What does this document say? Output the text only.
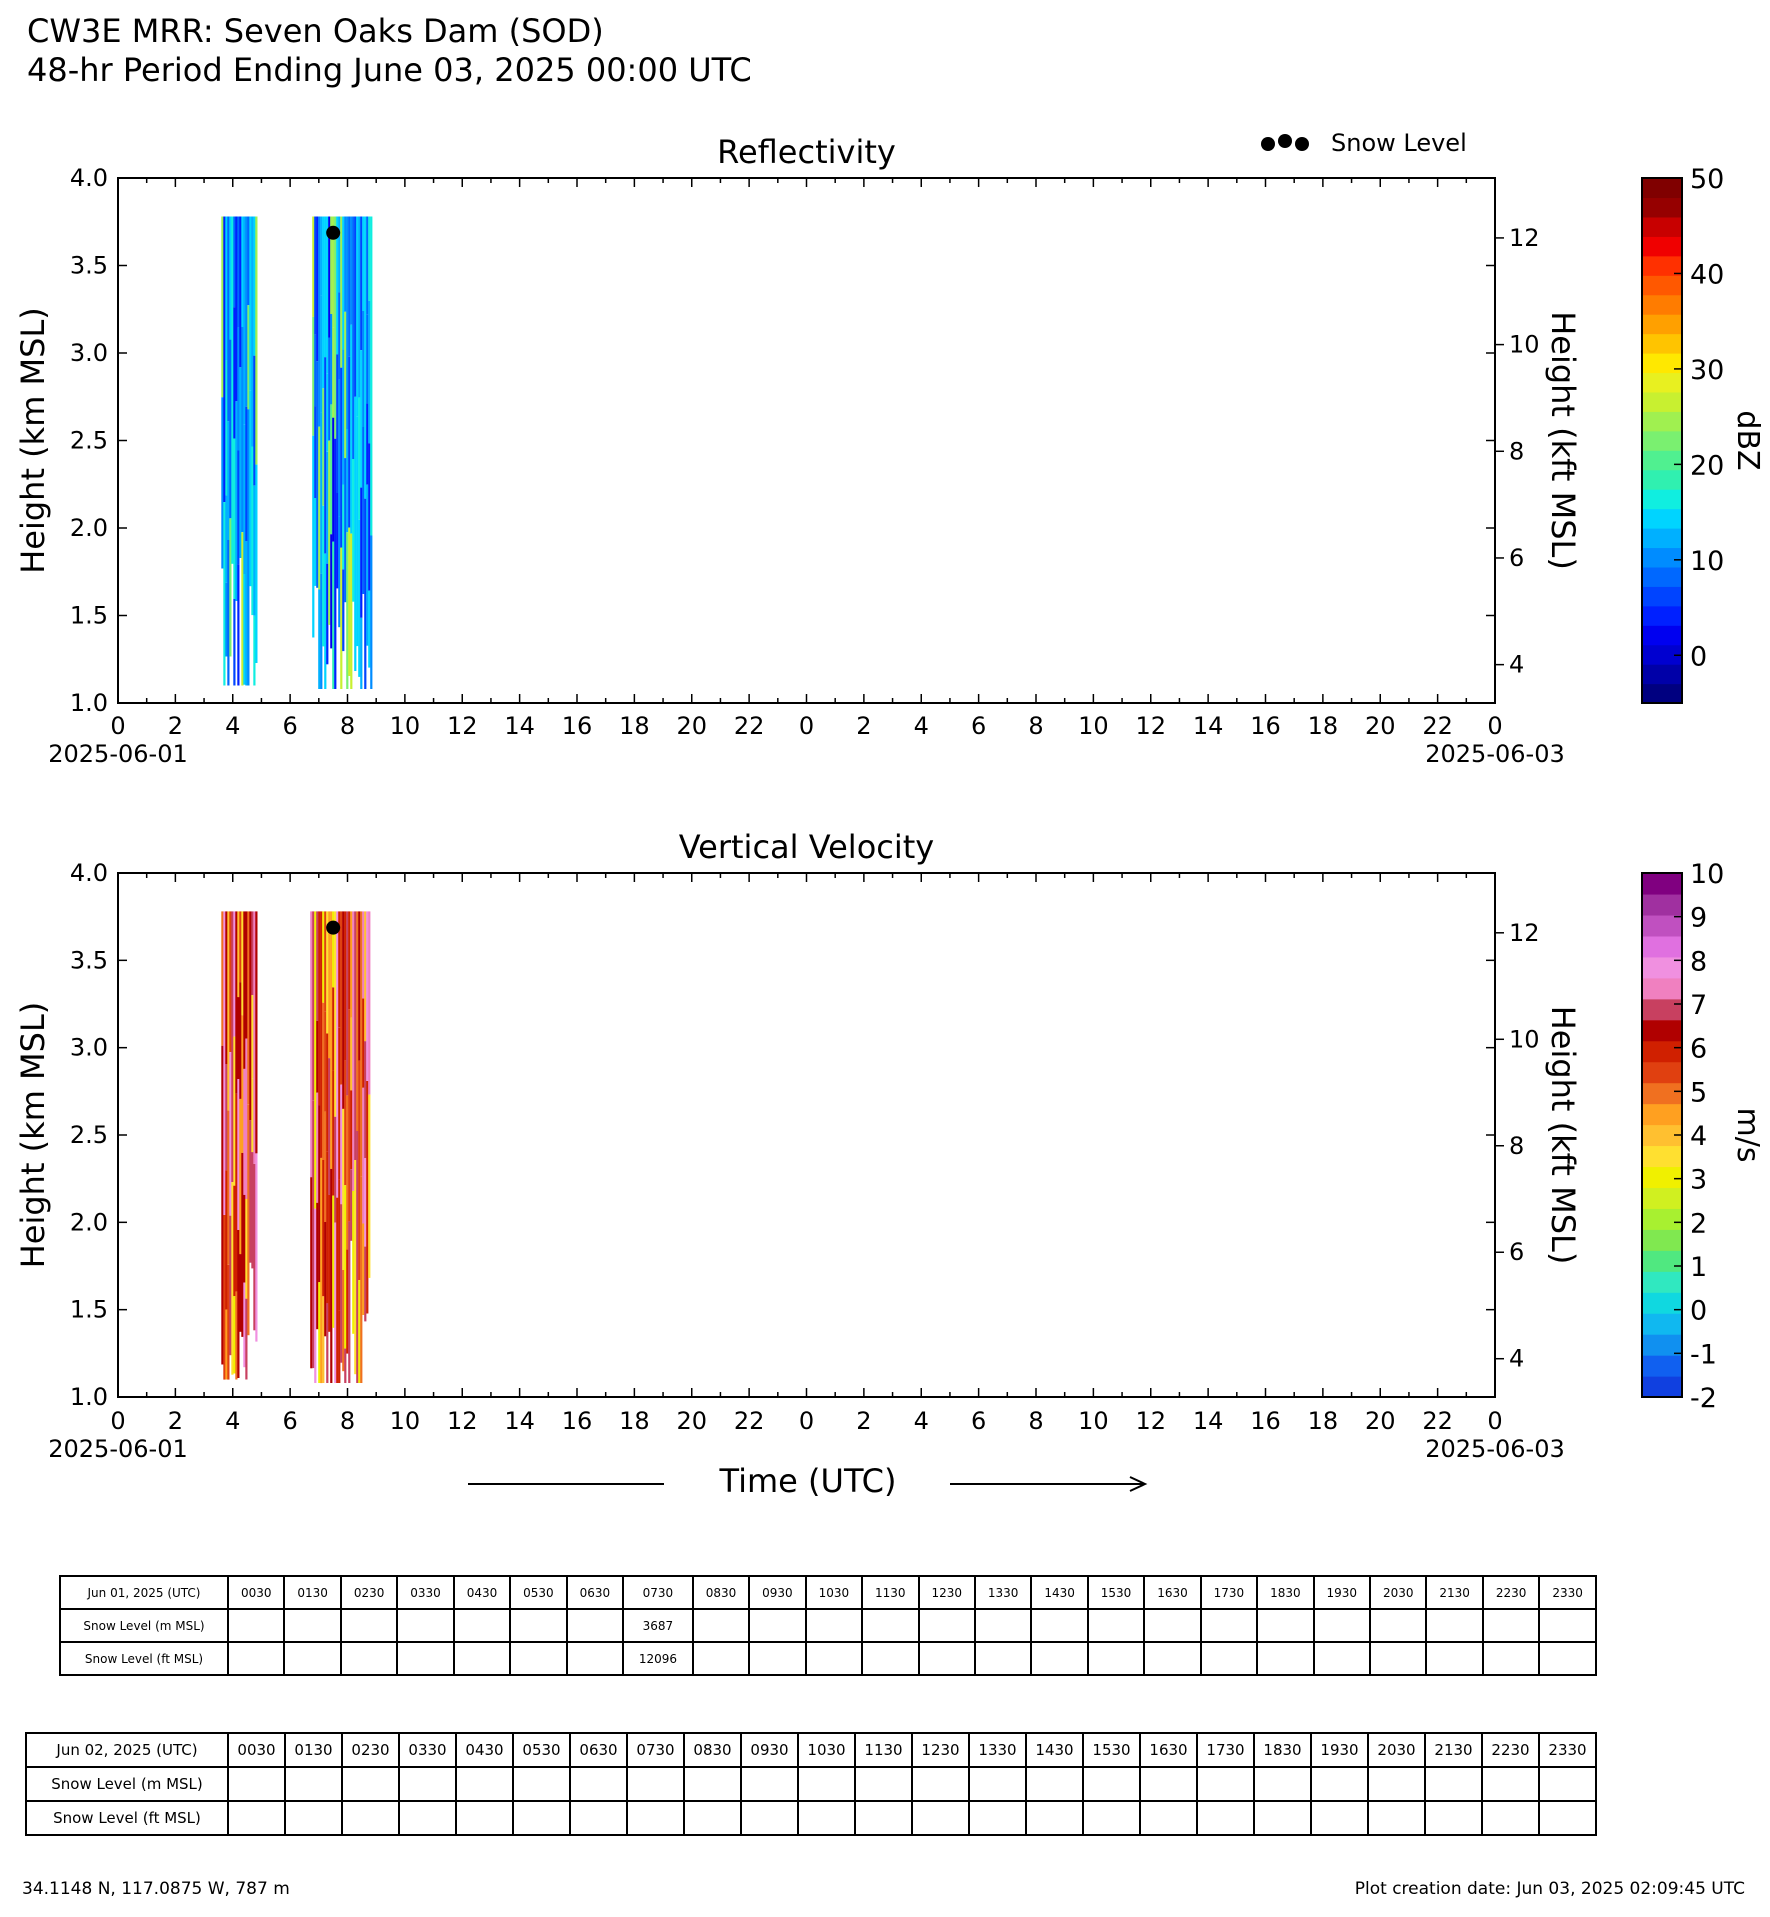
CW3E MRR: Seven Oaks Dam (SOD)
48-hr Period Ending June 03, 2025 00:00 UTC
Reflectivity
1.0
1.5
2.0
2.5
3.0
3.5
4.0
4
6
8
10
12
0 2 4 6 8 10 12 14 16 18 20 22 0 2 4 6 8 10 12 14 16 18 20 22 0
2025-06-01	2025-06-03
Height (km MSL)	Height (kft MSL)
50
40
30
20
10
0
dBZ
Vertical Velocity
1.0
1.5
2.0
2.5
3.0
3.5
4.0
4
6
8
10
12
0 2 4 6 8 10 12 14 16 18 20 22 0 2 4 6 8 10 12 14 16 18 20 22 0
2025-06-01	2025-06-03
Height (km MSL)	Height (kft MSL)
10
9
8
7
6
5
4
3
2
1
0
-1
-2
m/s
Time (UTC)
Snow Level
Jun 01, 2025 (UTC)	0030	0130	0230	0330	0430	0530	0630	0730	0830	0930	1030	1130	1230	1330	1430	1530	1630	1730	1830	1930	2030	2130	2230	2330
Snow Level (m MSL)								3687																
Snow Level (ft MSL)								12096																
Jun 02, 2025 (UTC)	0030	0130	0230	0330	0430	0530	0630	0730	0830	0930	1030	1130	1230	1330	1430	1530	1630	1730	1830	1930	2030	2130	2230	2330
Snow Level (m MSL)																								
Snow Level (ft MSL)																								
34.1148 N, 117.0875 W, 787 m	Plot creation date: Jun 03, 2025 02:09:45 UTC
